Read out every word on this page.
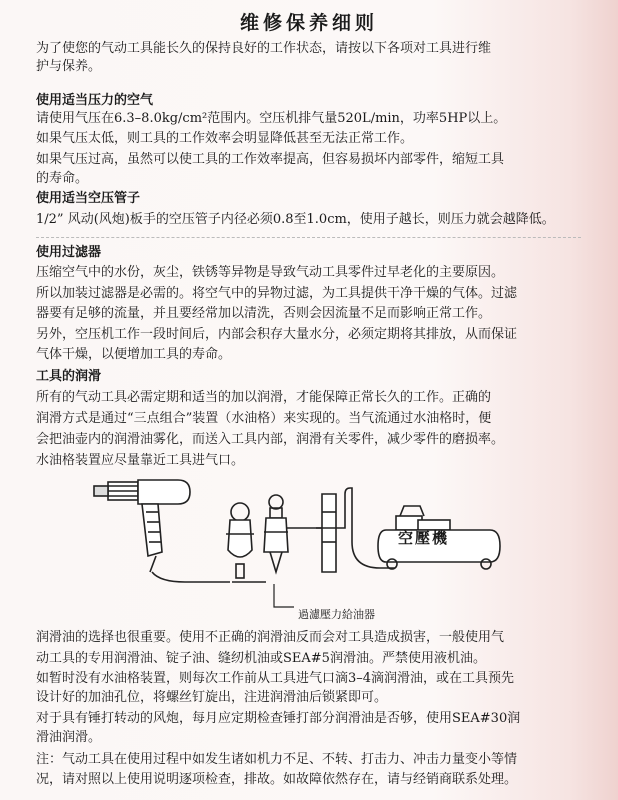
维修保养细则
为了使您的气动工具能长久的保持良好的工作状态，请按以下各项对工具进行维
护与保养。
使用适当压力的空气
请使用气压在6.3–8.0kg/cm²范围内。空压机排气量520L/min，功率5HP以上。
如果气压太低，则工具的工作效率会明显降低甚至无法正常工作。
如果气压过高，虽然可以使工具的工作效率提高，但容易损坏内部零件，缩短工具
的寿命。
使用适当空压管子
1/2” 风动(风炮)板手的空压管子内径必须0.8至1.0cm，使用子越长，则压力就会越降低。
使用过滤器
压缩空气中的水份，灰尘，铁锈等异物是导致气动工具零件过早老化的主要原因。
所以加装过滤器是必需的。将空气中的异物过滤，为工具提供干净干燥的气体。过滤
器要有足够的流量，并且要经常加以清洗，否则会因流量不足而影响正常工作。
另外，空压机工作一段时间后，内部会积存大量水分，必须定期将其排放，从而保证
气体干燥，以便增加工具的寿命。
工具的润滑
所有的气动工具必需定期和适当的加以润滑，才能保障正常长久的工作。正确的
润滑方式是通过“三点组合”装置（水油格）来实现的。当气流通过水油格时，便
会把油壶内的润滑油雾化，而送入工具内部，润滑有关零件，减少零件的磨损率。
水油格装置应尽量靠近工具进气口。
空壓機
過濾壓力給油器
润滑油的选择也很重要。使用不正确的润滑油反而会对工具造成损害，一般使用气
动工具的专用润滑油、锭子油、缝纫机油或SEA#5润滑油。严禁使用液机油。
如暂时没有水油格装置，则每次工作前从工具进气口滴3–4滴润滑油，或在工具预先
设计好的加油孔位，将螺丝钉旋出，注进润滑油后锁紧即可。
对于具有锤打转动的风炮，每月应定期检查锤打部分润滑油是否够，使用SEA#30润
滑油润滑。
注：气动工具在使用过程中如发生诸如机力不足、不转、打击力、冲击力量变小等情
况，请对照以上使用说明逐项检查，排故。如故障依然存在，请与经销商联系处理。
